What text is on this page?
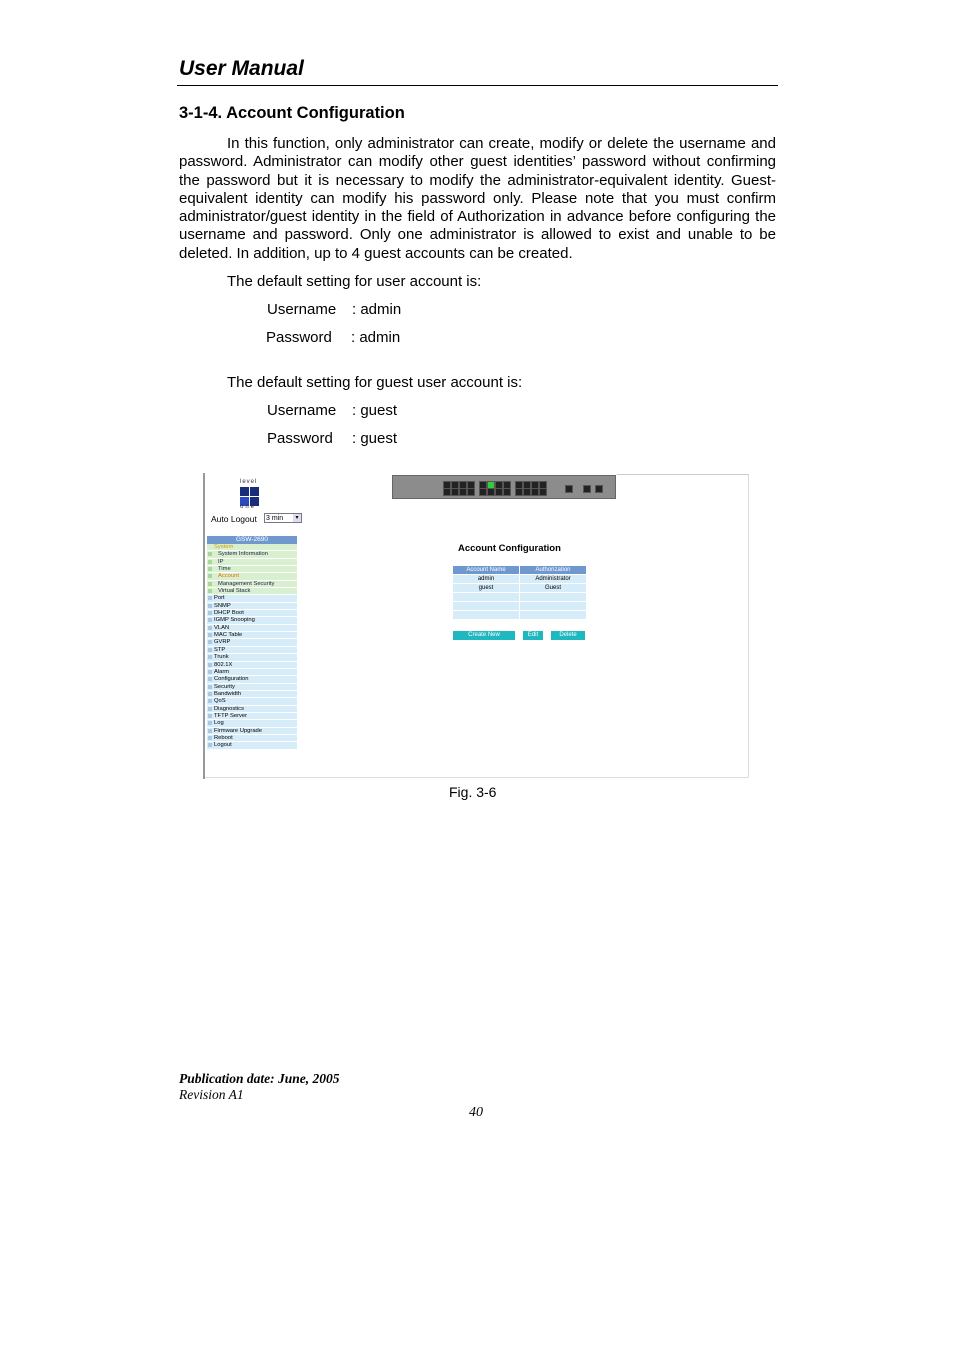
User Manual
3-1-4. Account Configuration
In this function, only administrator can create, modify or delete the username and password. Administrator can modify other guest identities’ password without confirming the password but it is necessary to modify the administrator-equivalent identity. Guest-equivalent identity can modify his password only. Please note that you must confirm administrator/guest identity in the field of Authorization in advance before configuring the username and password. Only one administrator is allowed to exist and unable to be deleted. In addition, up to 4 guest accounts can be created.
The default setting for user account is:
Username : admin
Password : admin
The default setting for guest user account is:
Username : guest
Password : guest
level
one
Auto Logout 3 min	▾
GSW-2690
System
System Information
IP
Time
Account
Management Security
Virtual Stack
Port
SNMP
DHCP Boot
IGMP Snooping
VLAN
MAC Table
GVRP
STP
Trunk
802.1X
Alarm
Configuration
Security
Bandwidth
QoS
Diagnostics
TFTP Server
Log
Firmware Upgrade
Reboot
Logout
Account Configuration
Account Name	Authorization
admin	Administrator
guest	Guest

Create New	Edit	Delete
Fig. 3-6
Publication date: June, 2005
Revision A1
40
